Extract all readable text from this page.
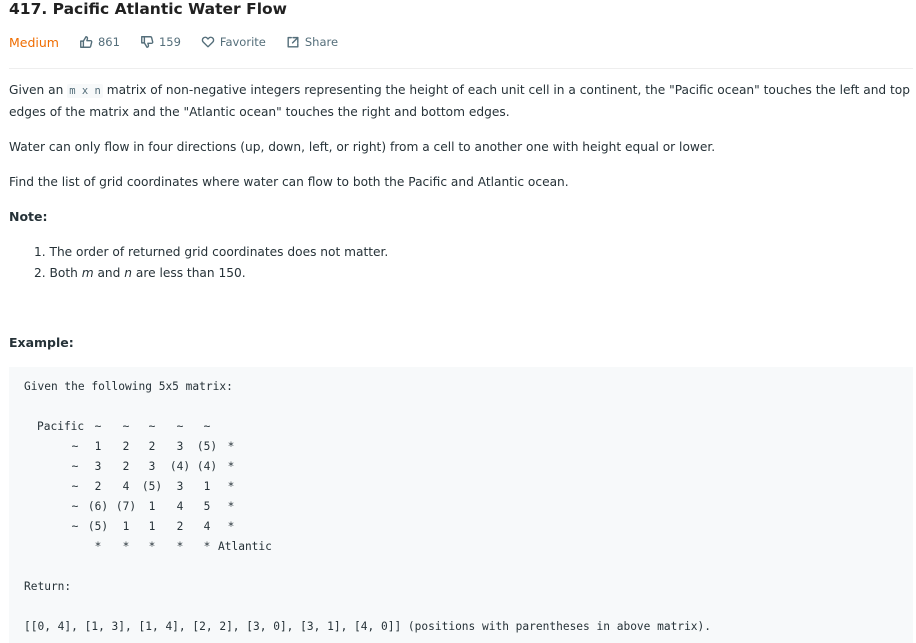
417. Pacific Atlantic Water Flow
Medium	861	159	Favorite	Share
Given an m x n matrix of non-negative integers representing the height of each unit cell in a continent, the "Pacific ocean" touches the left and top
edges of the matrix and the "Atlantic ocean" touches the right and bottom edges.
Water can only flow in four directions (up, down, left, or right) from a cell to another one with height equal or lower.
Find the list of grid coordinates where water can flow to both the Pacific and Atlantic ocean.
Note:
1. The order of returned grid coordinates does not matter.
2. Both m and n are less than 150.
Example:
Given the following 5x5 matrix:
Pacific ~ ~ ~ ~ ~
~ 1 2 2 3 (5) *
~ 3 2 3 (4) (4) *
~ 2 4 (5) 3 1 *
~ (6) (7) 1 4 5 *
~ (5) 1 1 2 4 *
* * * * * Atlantic
Return:
[[0, 4], [1, 3], [1, 4], [2, 2], [3, 0], [3, 1], [4, 0]] (positions with parentheses in above matrix).
